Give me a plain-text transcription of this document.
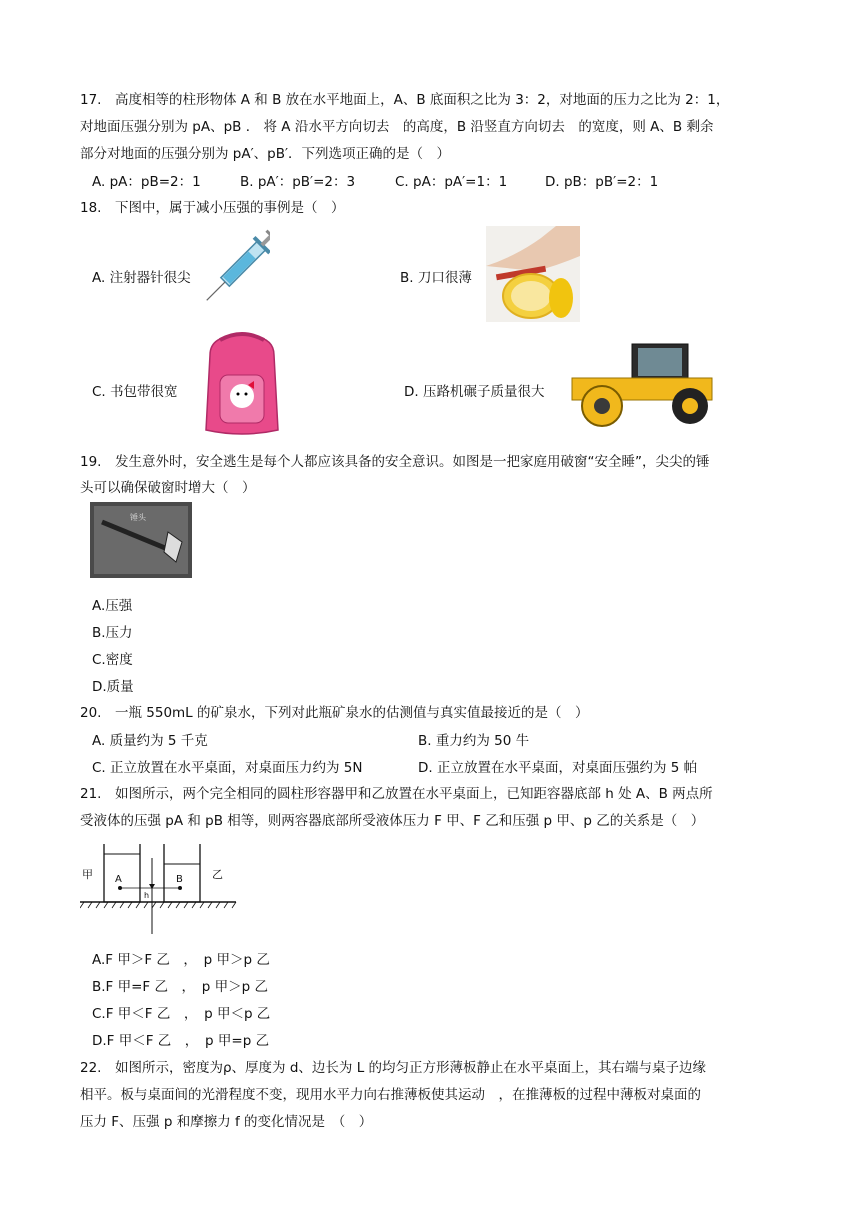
17.　高度相等的柱形物体 A 和 B 放在水平地面上，A、B 底面积之比为 3：2，对地面的压力之比为 2：1，
对地面压强分别为 pA、pB ． 将 A 沿水平方向切去　的高度，B 沿竖直方向切去　的宽度，则 A、B 剩余
部分对地面的压强分别为 pA′、pB′．下列选项正确的是（　）
A. pA：pB=2：1	B. pA′：pB′=2：3	C. pA：pA′=1：1	D. pB：pB′=2：1
18.　下图中，属于减小压强的事例是（　）
A. 注射器针很尖	B. 刀口很薄
C. 书包带很宽	D. 压路机碾子质量很大
19.　发生意外时，安全逃生是每个人都应该具备的安全意识。如图是一把家庭用破窗“安全睡”，尖尖的锤
头可以确保破窗时增大（　）
锤头
A.压强
B.压力
C.密度
D.质量
20.　一瓶 550mL 的矿泉水，下列对此瓶矿泉水的估测值与真实值最接近的是（　）
A. 质量约为 5 千克	B. 重力约为 50 牛
C. 正立放置在水平桌面，对桌面压力约为 5N	D. 正立放置在水平桌面，对桌面压强约为 5 帕
21.　如图所示，两个完全相同的圆柱形容器甲和乙放置在水平桌面上，已知距容器底部 h 处 A、B 两点所
受液体的压强 pA 和 pB 相等，则两容器底部所受液体压力 F 甲、F 乙和压强 p 甲、p 乙的关系是（　）
甲	乙
A	B
h
A.F 甲＞F 乙　，　p 甲＞p 乙
B.F 甲=F 乙　，　p 甲＞p 乙
C.F 甲＜F 乙　，　p 甲＜p 乙
D.F 甲＜F 乙　，　p 甲=p 乙
22.　如图所示，密度为ρ、厚度为 d、边长为 L 的均匀正方形薄板静止在水平桌面上，其右端与桌子边缘
相平。板与桌面间的光滑程度不变，现用水平力向右推薄板使其运动　，在推薄板的过程中薄板对桌面的
压力 F、压强 p 和摩擦力 f 的变化情况是　（　）
